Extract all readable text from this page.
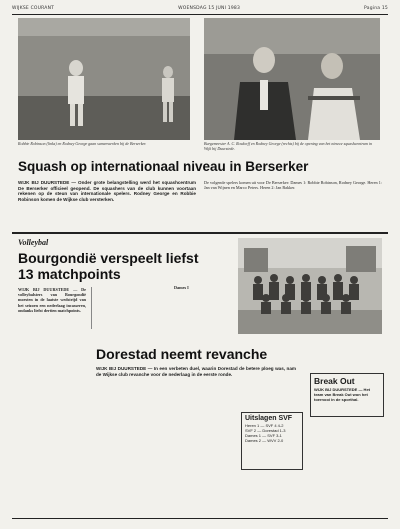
WIJKSE COURANT	WOENSDAG 15 JUNI 1983	Pagina 15
Robbie Robinson (links) en Rodney George gaan samenwerken bij de Berserker.	Burgemeester A. C. Rosdorff en Rodney George (rechts) bij de opening van het nieuwe squashcentrum in Wijk bij Duurstede.
Squash op internationaal niveau in Berserker
WIJK BIJ DUURSTEDE — Onder grote belangstelling werd het squashcentrum De Berserker officieel geopend. De squashers van de club kunnen voortaan rekenen op de steun van internationale spelers. Rodney George en Robbie Robinson komen de Wijkse club versterken.
De volgende spelers komen uit voor De Berserker: Dames 1: Robbie Robinson, Rodney George. Heren 1: Jan van Wijnen en Marco Peters. Heren 2: Jan Bakker.
Volleybal
Bourgondië verspeelt liefst 13 matchpoints
WIJK BIJ DUURSTEDE — De volleybalsters van Bourgondië moesten in de laatste wedstrijd van het seizoen een nederlaag incasseren, ondanks liefst dertien matchpoints.
Dames I
Dorestad neemt revanche
WIJK BIJ DUURSTEDE — In een verbeten duel, waarin Dorestad de betere ploeg was, nam de Wijkse club revanche voor de nederlaag in de eerste ronde.
Uitslagen SVF
Heren 1 — SVF 4 4-2
SVF 2 — Dorestad 1-3
Dames 1 — SVF 3-1
Dames 2 — WVV 2-0
Break Out
WIJK BIJ DUURSTEDE — Het team van Break Out won het toernooi in de sporthal.
